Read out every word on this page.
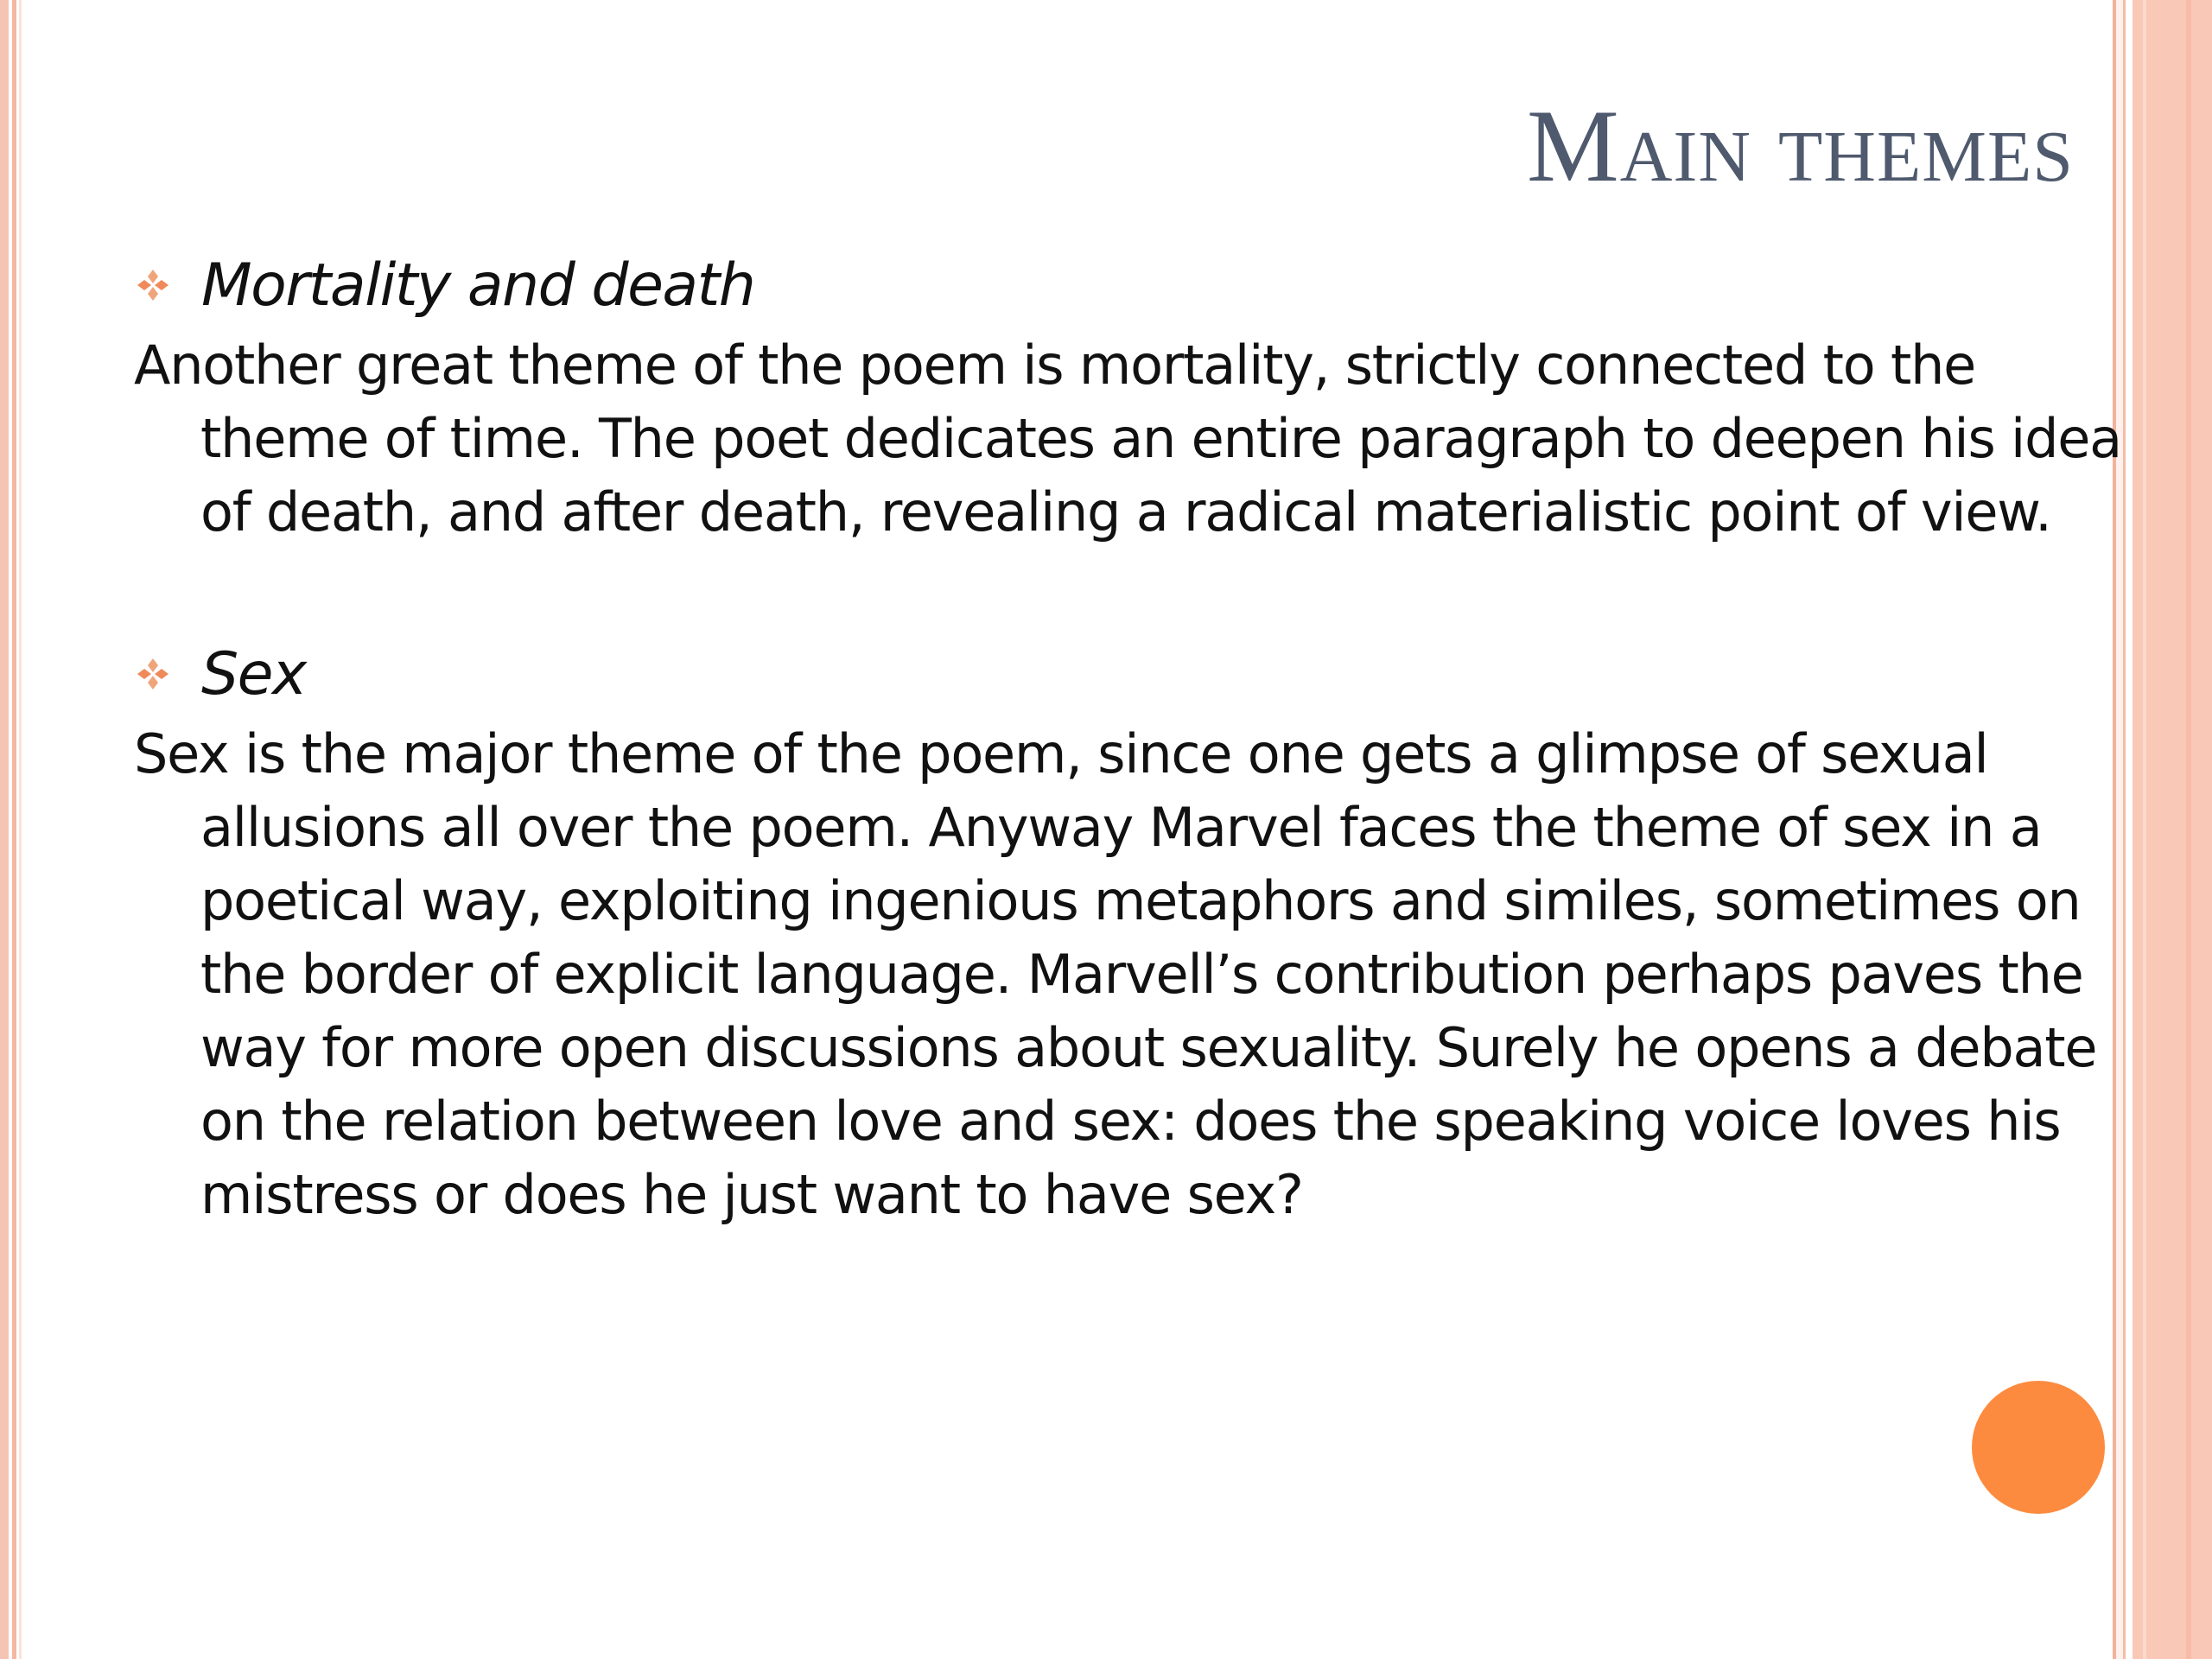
Main themes
Mortality and death

Another great theme of the poem is mortality, strictly connected to the theme of time. The poet dedicates an entire paragraph to deepen his idea of death, and after death, revealing a radical materialistic point of view.

Sex

Sex is the major theme of the poem, since one gets a glimpse of sexual allusions all over the poem. Anyway Marvel faces the theme of sex in a poetical way, exploiting ingenious metaphors and similes, sometimes on the border of explicit language. Marvell’s contribution perhaps paves the way for more open discussions about sexuality. Surely he opens a debate on the relation between love and sex: does the speaking voice loves his mistress or does he just want to have sex?
